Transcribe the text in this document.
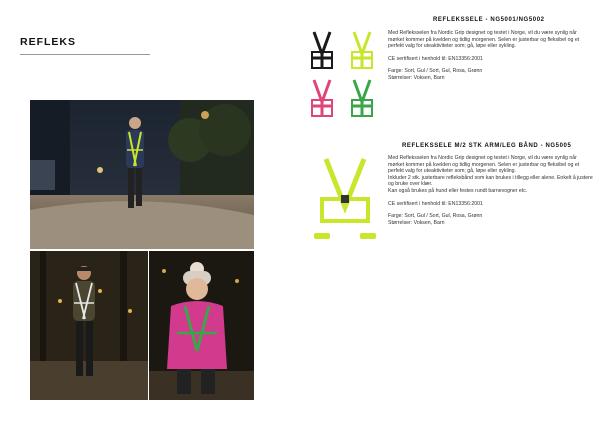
REFLEKS
REFLEKSSELE - NG5001/NG5002

Med Refleksselen fra Nordic Grip designet og testet i Norge, vil du være synlig når mørket kommer på kvelden og tidlig morgenen. Selen er justerbar og fleksibel og et perfekt valg for uteaktiviteter som; gå, løpe eller sykling.

CE sertifisert i henhold til: EN13356:2001

Farge: Sort, Gul / Sort, Gul, Rosa, Grønn

Størrelser: Voksen, Barn

REFLEKSSELE M/2 STK ARM/LEG BÅND - NG5005

Med Refleksselen fra Nordic Grip designet og testet i Norge, vil du være synlig når mørket kommer på kvelden og tidlig morgenen. Selen er justerbar og fleksibel og et perfekt valg for uteaktiviteter som; gå, løpe eller sykling.

Inkluder 2 stk. justerbare refleksbånd som kan brukes i tillegg eller alene. Enkelt å justere og bruke over klær.

Kan også brukes på hund eller festes rundt barnevogner etc.

CE sertifisert i henhold til: EN13356:2001

Farge: Sort, Gul / Sort, Gul, Rosa, Grønn

Størrelser: Voksen, Barn
